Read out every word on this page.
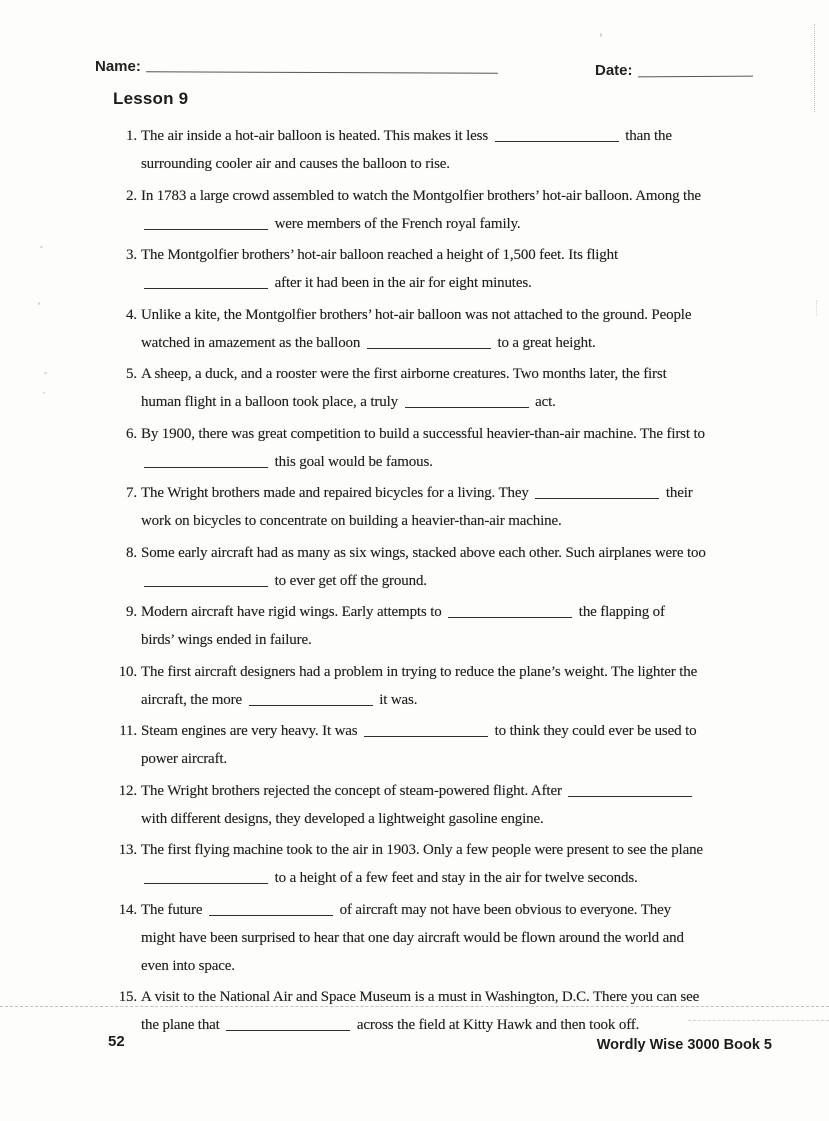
Name:	Date:
Lesson 9
1. The air inside a hot-air balloon is heated. This makes it less	than the
surrounding cooler air and causes the balloon to rise.
2. In 1783 a large crowd assembled to watch the Montgolfier brothers’ hot-air balloon. Among the
were members of the French royal family.
3. The Montgolfier brothers’ hot-air balloon reached a height of 1,500 feet. Its flight
after it had been in the air for eight minutes.
4. Unlike a kite, the Montgolfier brothers’ hot-air balloon was not attached to the ground. People
watched in amazement as the balloon	to a great height.
5. A sheep, a duck, and a rooster were the first airborne creatures. Two months later, the first
human flight in a balloon took place, a truly	act.
6. By 1900, there was great competition to build a successful heavier-than-air machine. The first to
this goal would be famous.
7. The Wright brothers made and repaired bicycles for a living. They	their
work on bicycles to concentrate on building a heavier-than-air machine.
8. Some early aircraft had as many as six wings, stacked above each other. Such airplanes were too
to ever get off the ground.
9. Modern aircraft have rigid wings. Early attempts to	the flapping of
birds’ wings ended in failure.
10. The first aircraft designers had a problem in trying to reduce the plane’s weight. The lighter the
aircraft, the more	it was.
11. Steam engines are very heavy. It was	to think they could ever be used to
power aircraft.
12. The Wright brothers rejected the concept of steam-powered flight. After
with different designs, they developed a lightweight gasoline engine.
13. The first flying machine took to the air in 1903. Only a few people were present to see the plane
to a height of a few feet and stay in the air for twelve seconds.
14. The future	of aircraft may not have been obvious to everyone. They
might have been surprised to hear that one day aircraft would be flown around the world and
even into space.
15. A visit to the National Air and Space Museum is a must in Washington, D.C. There you can see
the plane that	across the field at Kitty Hawk and then took off.
52	Wordly Wise 3000 Book 5
